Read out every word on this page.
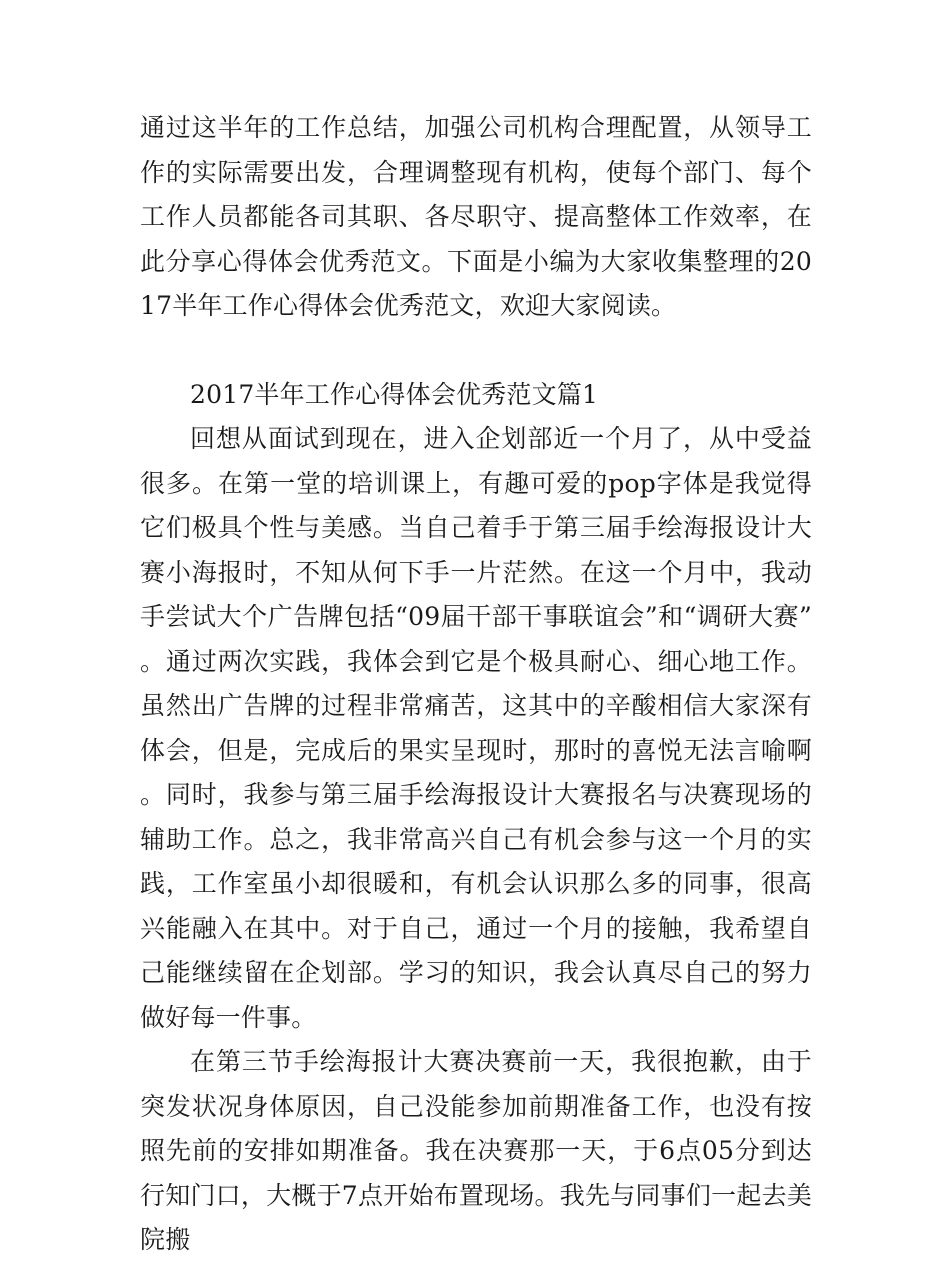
通过这半年的工作总结，加强公司机构合理配置，从领导工作的实际需要出发，合理调整现有机构，使每个部门、每个工作人员都能各司其职、各尽职守、提高整体工作效率，在此分享心得体会优秀范文。下面是小编为大家收集整理的2017半年工作心得体会优秀范文，欢迎大家阅读。

2017半年工作心得体会优秀范文篇1

回想从面试到现在，进入企划部近一个月了，从中受益很多。在第一堂的培训课上，有趣可爱的pop字体是我觉得它们极具个性与美感。当自己着手于第三届手绘海报设计大赛小海报时，不知从何下手一片茫然。在这一个月中，我动手尝试大个广告牌包括“09届干部干事联谊会”和“调研大赛”。通过两次实践，我体会到它是个极具耐心、细心地工作。虽然出广告牌的过程非常痛苦，这其中的辛酸相信大家深有体会，但是，完成后的果实呈现时，那时的喜悦无法言喻啊。同时，我参与第三届手绘海报设计大赛报名与决赛现场的辅助工作。总之，我非常高兴自己有机会参与这一个月的实践，工作室虽小却很暖和，有机会认识那么多的同事，很高兴能融入在其中。对于自己，通过一个月的接触，我希望自己能继续留在企划部。学习的知识，我会认真尽自己的努力做好每一件事。

在第三节手绘海报计大赛决赛前一天，我很抱歉，由于突发状况身体原因，自己没能参加前期准备工作，也没有按照先前的安排如期准备。我在决赛那一天，于6点05分到达行知门口，大概于7点开始布置现场。我先与同事们一起去美院搬
